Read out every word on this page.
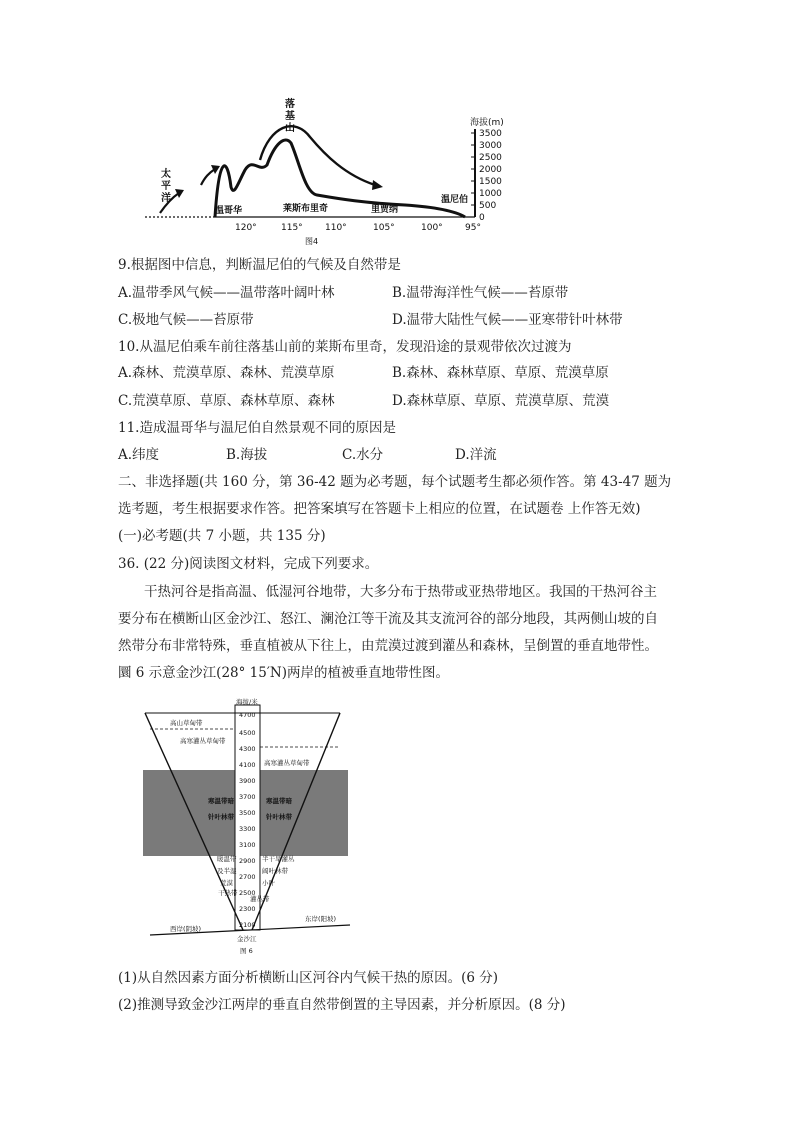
海拔(m)
3500
3000
2500
2000
1500
1000
500
0
太
平
洋
落
基
山
温哥华	莱斯布里奇	里贾纳
温尼伯
120°	115° 110°	105°	100° 95°
图4
9.根据图中信息，判断温尼伯的气候及自然带是
A.温带季风气候——温带落叶阔叶林	B.温带海洋性气候——苔原带
C.极地气候——苔原带	D.温带大陆性气候——亚寒带针叶林带
10.从温尼伯乘车前往落基山前的莱斯布里奇，发现沿途的景观带依次过渡为
A.森林、荒漠草原、森林、荒漠草原	B.森林、森林草原、草原、荒漠草原
C.荒漠草原、草原、森林草原、森林	D.森林草原、草原、荒漠草原、荒漠
11.造成温哥华与温尼伯自然景观不同的原因是
A.纬度	B.海拔	C.水分	D.洋流
二、非选择题(共 160 分，第 36-42 题为必考题，每个试题考生都必须作答。第 43-47 题为
选考题，考生根据要求作答。把答案填写在答题卡上相应的位置，在试题卷 上作答无效)
(一)必考题(共 7 小题，共 135 分)
36. (22 分)阅读图文材料，完成下列要求。
干热河谷是指高温、低湿河谷地带，大多分布于热带或亚热带地区。我国的干热河谷主
要分布在横断山区金沙江、怒江、澜沧江等干流及其支流河谷的部分地段，其两侧山坡的自
然带分布非常特殊，垂直植被从下往上，由荒漠过渡到灌丛和森林，呈倒置的垂直地带性。
圜 6 示意金沙江(28° 15′N)两岸的植被垂直地带性图。
海拔/米
4700
4500
4300
4100
3900
3700
3500
3300
3100
2900
2700
2500
2300
2100
高山草甸带
高寒灌丛草甸带
高寒灌丛草甸带
寒温带暗
针叶林带
寒温带暗
针叶林带
暖温带
及半湿
荒漠
干热带
半干旱灌丛
阔叶林带
小叶
灌丛带
西岸(阴坡)
东岸(阳坡)
金沙江
图 6
(1)从自然因素方面分析横断山区河谷内气候干热的原因。(6 分)
(2)推测导致金沙江两岸的垂直自然带倒置的主导因素，并分析原因。(8 分)
